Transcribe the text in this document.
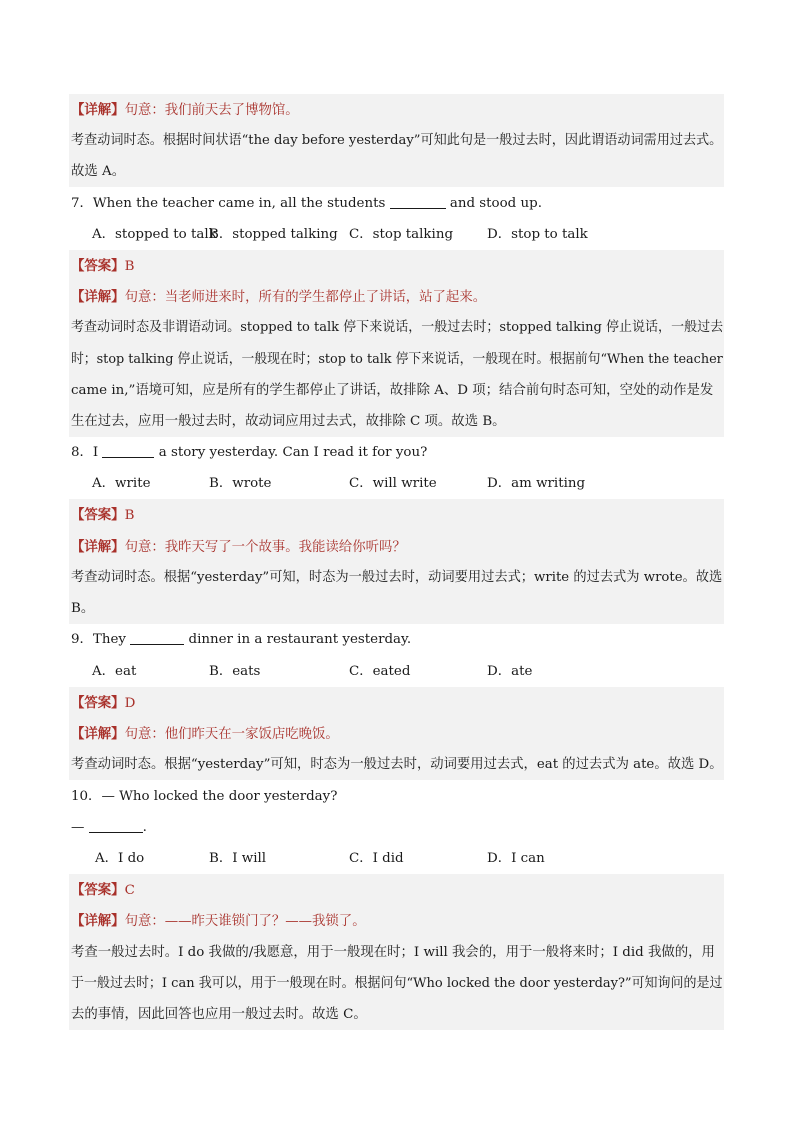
【详解】句意：我们前天去了博物馆。
考查动词时态。根据时间状语“the day before yesterday”可知此句是一般过去时，因此谓语动词需用过去式。
故选 A。
7．When the teacher came in, all the students	and stood up.
A．stopped to talk
B．stopped talking C．stop talking	D．stop to talk
【答案】B
【详解】句意：当老师进来时，所有的学生都停止了讲话，站了起来。
考查动词时态及非谓语动词。stopped to talk 停下来说话，一般过去时；stopped talking 停止说话，一般过去
时；stop talking 停止说话，一般现在时；stop to talk 停下来说话，一般现在时。根据前句“When the teacher
came in,”语境可知，应是所有的学生都停止了讲话，故排除 A、D 项；结合前句时态可知，空处的动作是发
生在过去，应用一般过去时，故动词应用过去式，故排除 C 项。故选 B。
8．I	a story yesterday. Can I read it for you?
A．write	B．wrote	C．will write	D．am writing
【答案】B
【详解】句意：我昨天写了一个故事。我能读给你听吗？
考查动词时态。根据“yesterday”可知，时态为一般过去时，动词要用过去式；write 的过去式为 wrote。故选
B。
9．They	dinner in a restaurant yesterday.
A．eat	B．eats	C．eated	D．ate
【答案】D
【详解】句意：他们昨天在一家饭店吃晚饭。
考查动词时态。根据“yesterday”可知，时态为一般过去时，动词要用过去式，eat 的过去式为 ate。故选 D。
10．— Who locked the door yesterday?
—	.
A．I do	B．I will	C．I did	D．I can
【答案】C
【详解】句意：——昨天谁锁门了？——我锁了。
考查一般过去时。I do 我做的/我愿意，用于一般现在时；I will 我会的，用于一般将来时；I did 我做的，用
于一般过去时；I can 我可以，用于一般现在时。根据问句“Who locked the door yesterday?”可知询问的是过
去的事情，因此回答也应用一般过去时。故选 C。
